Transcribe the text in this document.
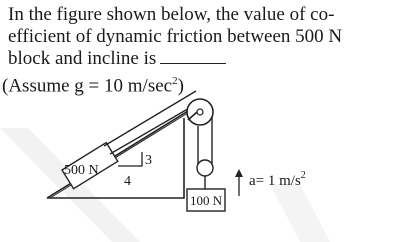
In the figure shown below, the value of co-
efficient of dynamic friction between 500 N
block and incline is
(Assume g = 10 $m/\sec^2$)
3
4
500 N
100 N
a= 1 $m/s^2$
